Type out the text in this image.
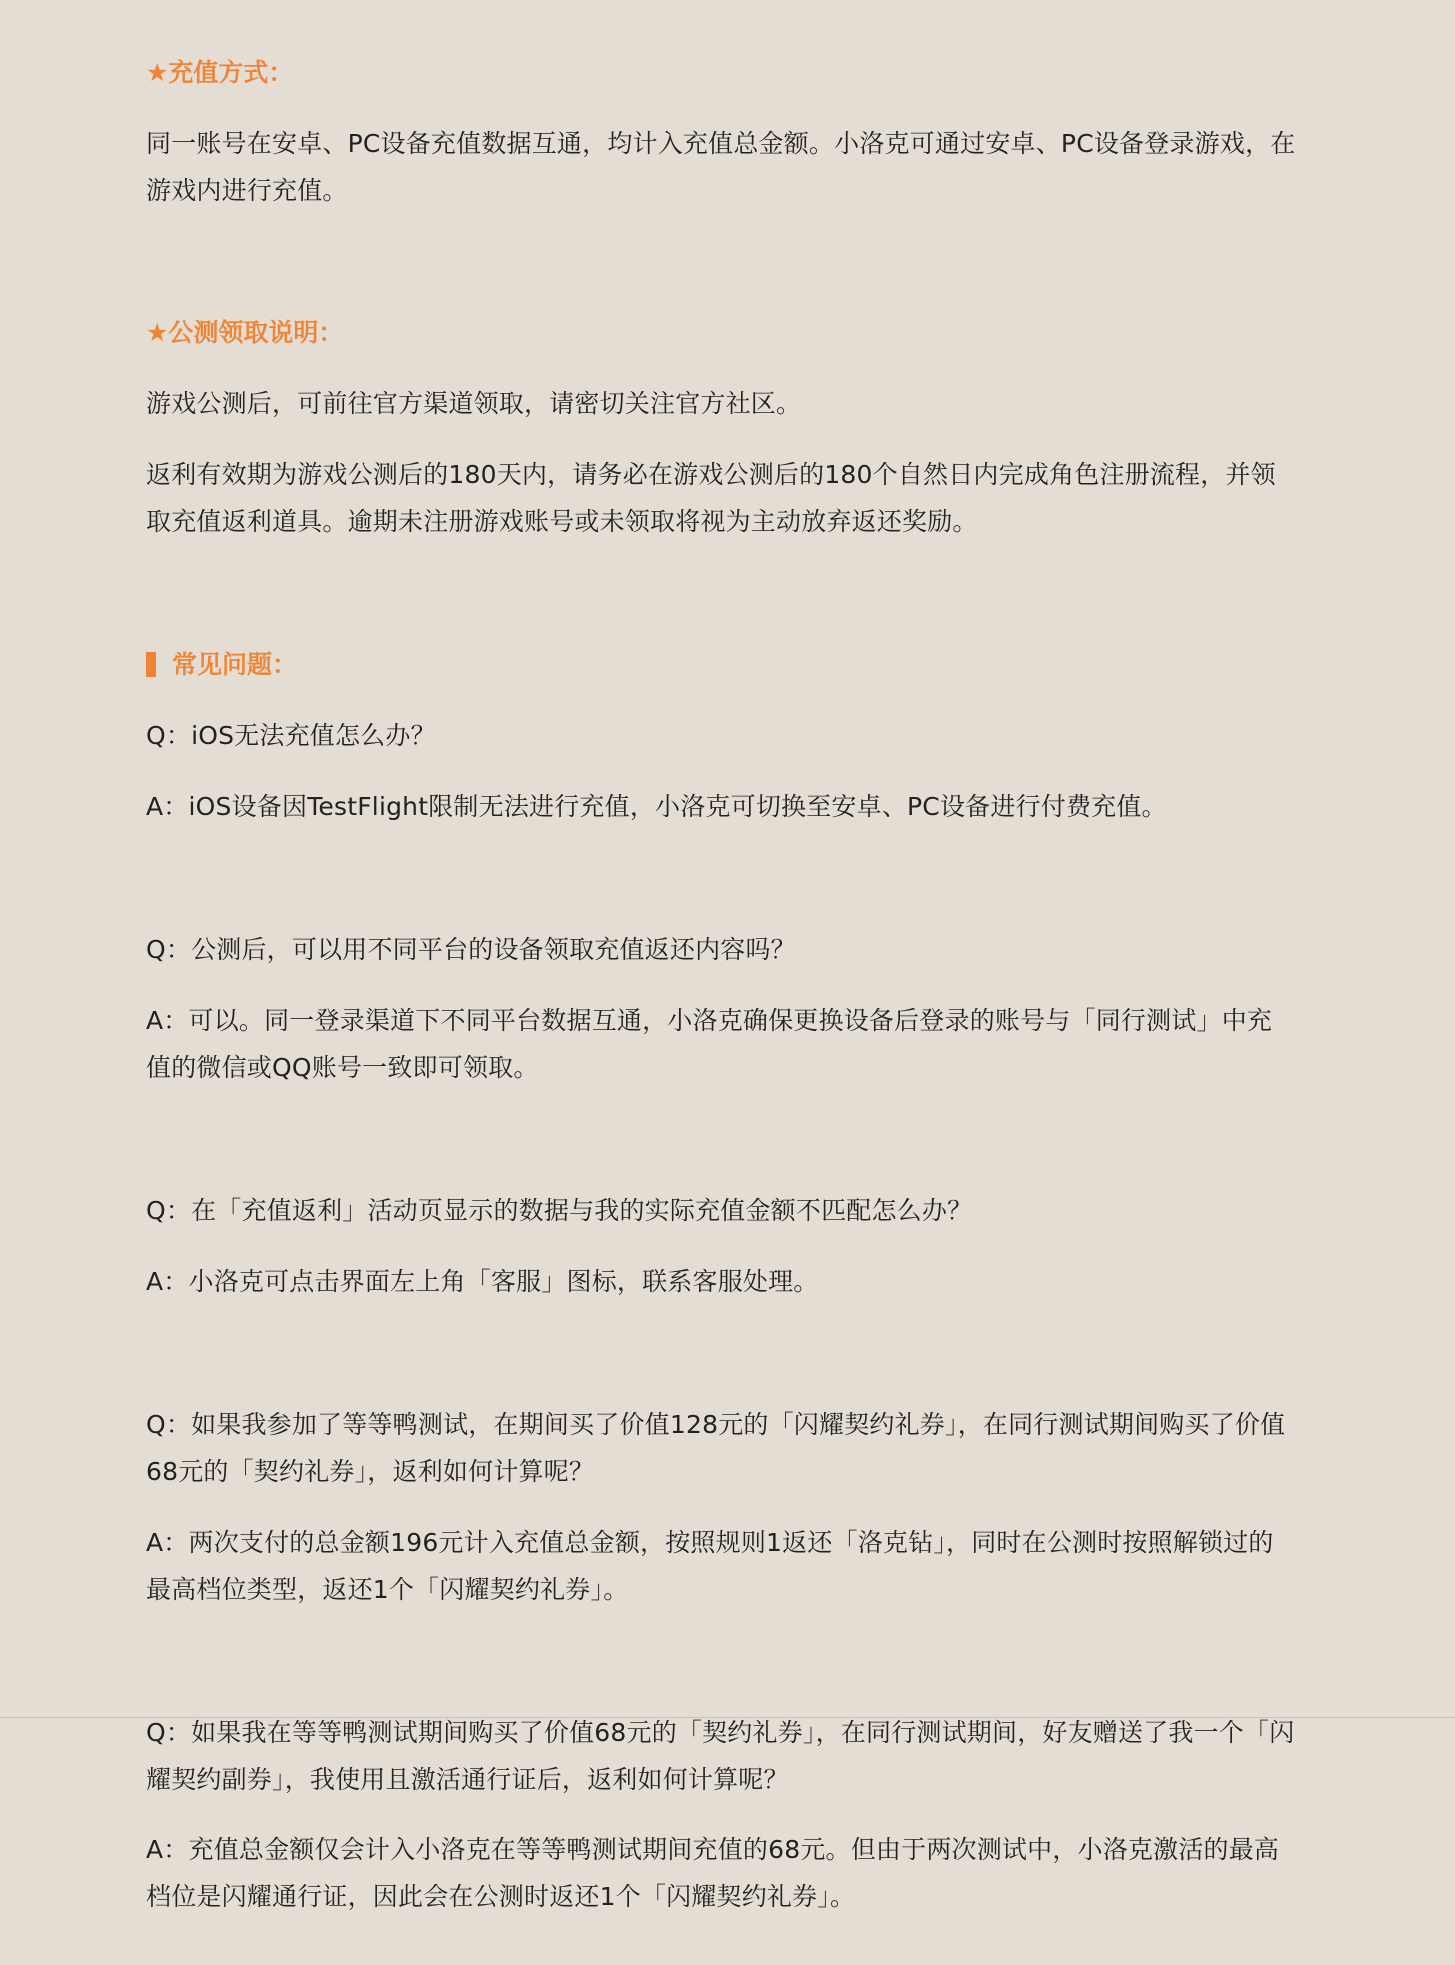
★充值方式：
同一账号在安卓、PC设备充值数据互通，均计入充值总金额。小洛克可通过安卓、PC设备登录游戏，在游戏内进行充值。
★公测领取说明：
游戏公测后，可前往官方渠道领取，请密切关注官方社区。
返利有效期为游戏公测后的180天内，请务必在游戏公测后的180个自然日内完成角色注册流程，并领取充值返利道具。逾期未注册游戏账号或未领取将视为主动放弃返还奖励。
常见问题：
Q：iOS无法充值怎么办？
A：iOS设备因TestFlight限制无法进行充值，小洛克可切换至安卓、PC设备进行付费充值。
Q：公测后，可以用不同平台的设备领取充值返还内容吗？
A：可以。同一登录渠道下不同平台数据互通，小洛克确保更换设备后登录的账号与「同行测试」中充值的微信或QQ账号一致即可领取。
Q：在「充值返利」活动页显示的数据与我的实际充值金额不匹配怎么办？
A：小洛克可点击界面左上角「客服」图标，联系客服处理。
Q：如果我参加了等等鸭测试，在期间买了价值128元的「闪耀契约礼券」，在同行测试期间购买了价值68元的「契约礼券」，返利如何计算呢？
A：两次支付的总金额196元计入充值总金额，按照规则1返还「洛克钻」，同时在公测时按照解锁过的最高档位类型，返还1个「闪耀契约礼券」。
Q：如果我在等等鸭测试期间购买了价值68元的「契约礼券」，在同行测试期间，好友赠送了我一个「闪耀契约副券」，我使用且激活通行证后，返利如何计算呢？
A：充值总金额仅会计入小洛克在等等鸭测试期间充值的68元。但由于两次测试中，小洛克激活的最高档位是闪耀通行证，因此会在公测时返还1个「闪耀契约礼券」。
